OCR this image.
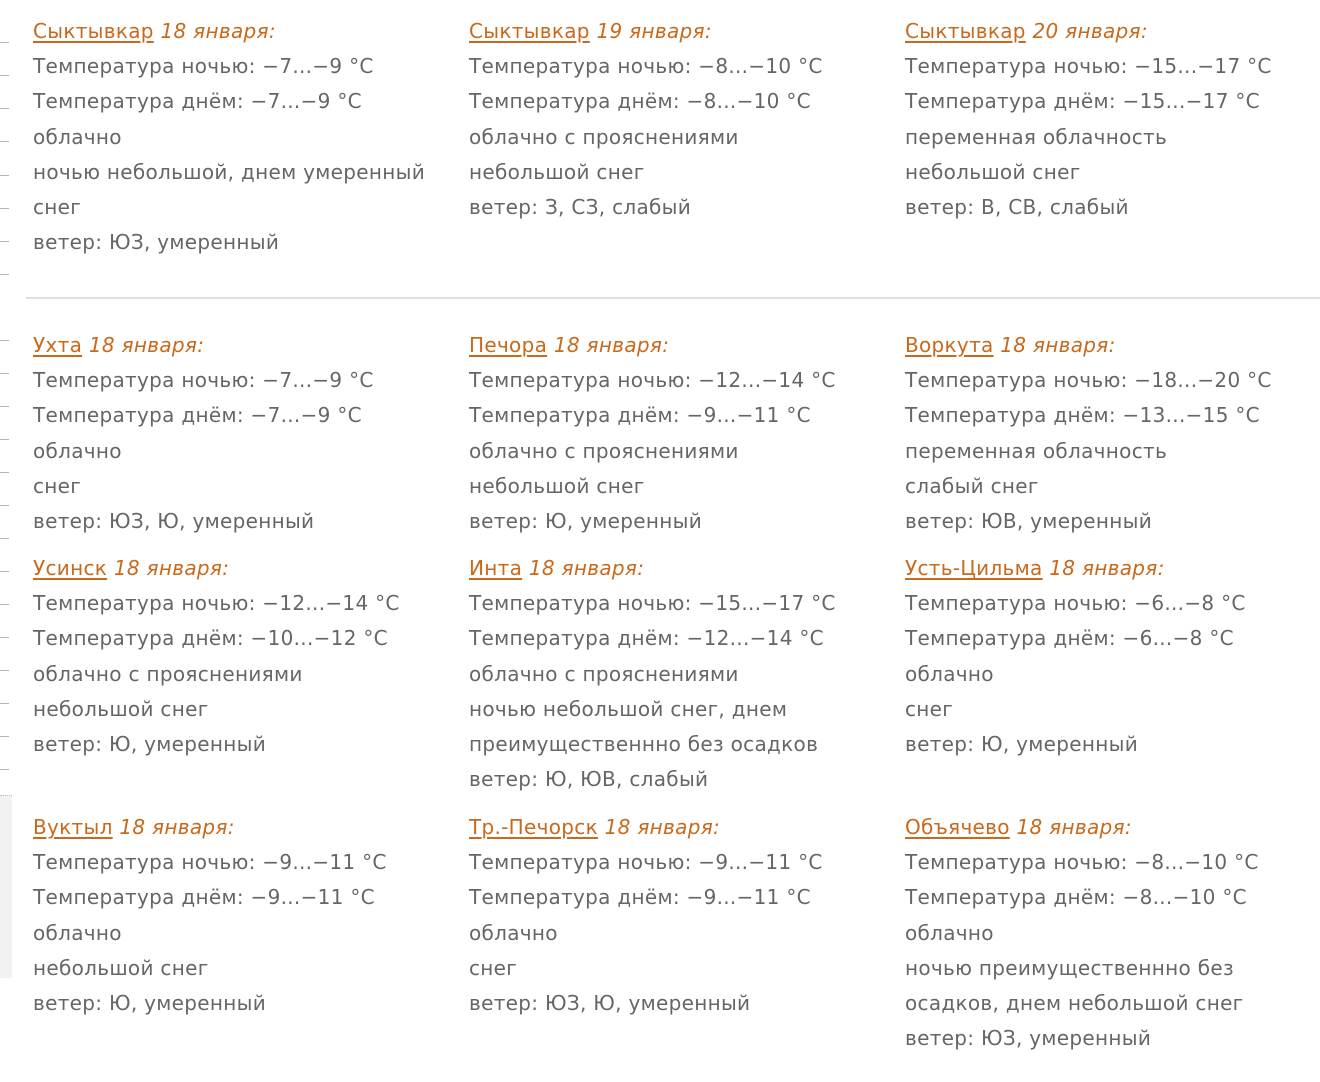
Сыктывкар 18 января:
Температура ночью: −7...−9 °C
Температура днём: −7...−9 °C
облачно
ночью небольшой, днем умеренный снег
ветер: ЮЗ, умеренный
Сыктывкар 19 января:
Температура ночью: −8...−10 °C
Температура днём: −8...−10 °C
облачно с прояснениями
небольшой снег
ветер: З, СЗ, слабый
Сыктывкар 20 января:
Температура ночью: −15...−17 °C
Температура днём: −15...−17 °C
переменная облачность
небольшой снег
ветер: В, СВ, слабый
Ухта 18 января:
Температура ночью: −7...−9 °C
Температура днём: −7...−9 °C
облачно
снег
ветер: ЮЗ, Ю, умеренный
Печора 18 января:
Температура ночью: −12...−14 °C
Температура днём: −9...−11 °C
облачно с прояснениями
небольшой снег
ветер: Ю, умеренный
Воркута 18 января:
Температура ночью: −18...−20 °C
Температура днём: −13...−15 °C
переменная облачность
слабый снег
ветер: ЮВ, умеренный
Усинск 18 января:
Температура ночью: −12...−14 °C
Температура днём: −10...−12 °C
облачно с прояснениями
небольшой снег
ветер: Ю, умеренный
Инта 18 января:
Температура ночью: −15...−17 °C
Температура днём: −12...−14 °C
облачно с прояснениями
ночью небольшой снег, днем преимущественнно без осадков
ветер: Ю, ЮВ, слабый
Усть-Цильма 18 января:
Температура ночью: −6...−8 °C
Температура днём: −6...−8 °C
облачно
снег
ветер: Ю, умеренный
Вуктыл 18 января:
Температура ночью: −9...−11 °C
Температура днём: −9...−11 °C
облачно
небольшой снег
ветер: Ю, умеренный
Тр.-Печорск 18 января:
Температура ночью: −9...−11 °C
Температура днём: −9...−11 °C
облачно
снег
ветер: ЮЗ, Ю, умеренный
Объячево 18 января:
Температура ночью: −8...−10 °C
Температура днём: −8...−10 °C
облачно
ночью преимущественнно без осадков, днем небольшой снег
ветер: ЮЗ, умеренный
